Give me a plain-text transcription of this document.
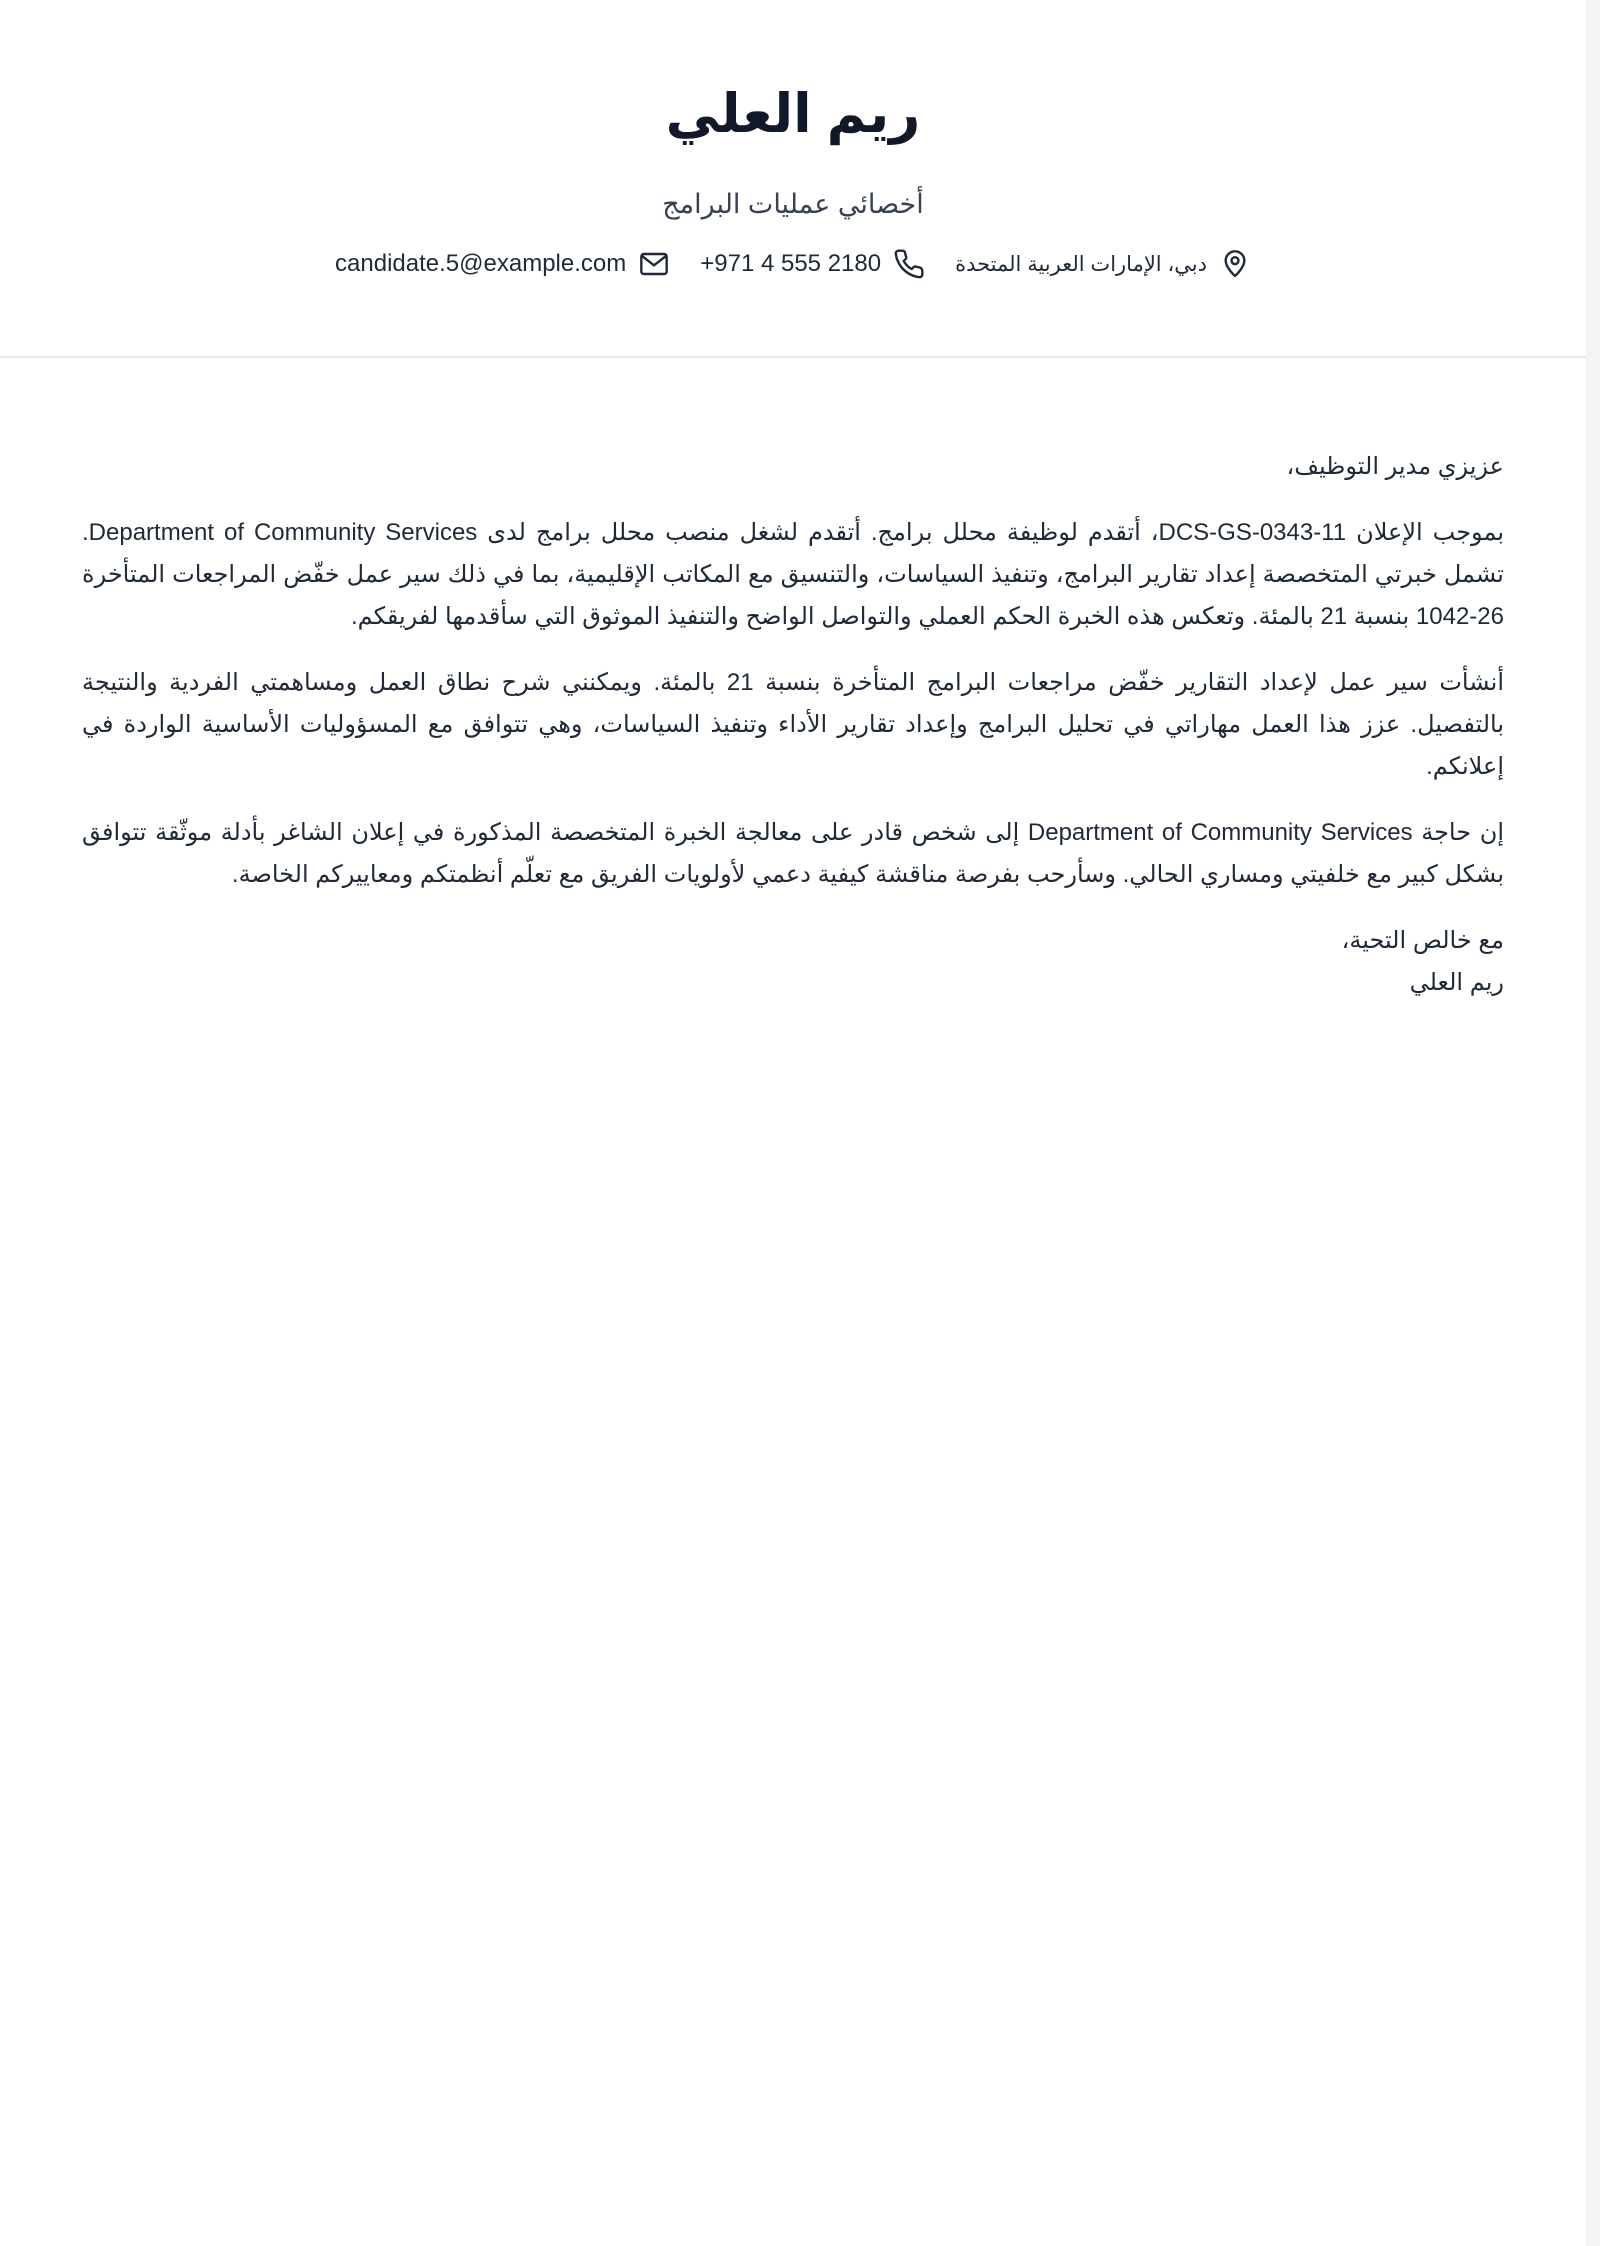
ريم العلي
أخصائي عمليات البرامج
دبي، الإمارات العربية المتحدة
+971 4 555 2180
candidate.5@example.com

عزيزي مدير التوظيف،

بموجب الإعلان DCS-GS-0343-11، أتقدم لوظيفة محلل برامج. أتقدم لشغل منصب محلل برامج لدى Department of Community Services. تشمل خبرتي المتخصصة إعداد تقارير البرامج، وتنفيذ السياسات، والتنسيق مع المكاتب الإقليمية، بما في ذلك سير عمل خفّض المراجعات المتأخرة 26-1042 بنسبة 21 بالمئة. وتعكس هذه الخبرة الحكم العملي والتواصل الواضح والتنفيذ الموثوق التي سأقدمها لفريقكم.

أنشأت سير عمل لإعداد التقارير خفّض مراجعات البرامج المتأخرة بنسبة 21 بالمئة. ويمكنني شرح نطاق العمل ومساهمتي الفردية والنتيجة بالتفصيل. عزز هذا العمل مهاراتي في تحليل البرامج وإعداد تقارير الأداء وتنفيذ السياسات، وهي تتوافق مع المسؤوليات الأساسية الواردة في إعلانكم.

إن حاجة Department of Community Services إلى شخص قادر على معالجة الخبرة المتخصصة المذكورة في إعلان الشاغر بأدلة موثّقة تتوافق بشكل كبير مع خلفيتي ومساري الحالي. وسأرحب بفرصة مناقشة كيفية دعمي لأولويات الفريق مع تعلّم أنظمتكم ومعاييركم الخاصة.

مع خالص التحية،

ريم العلي
